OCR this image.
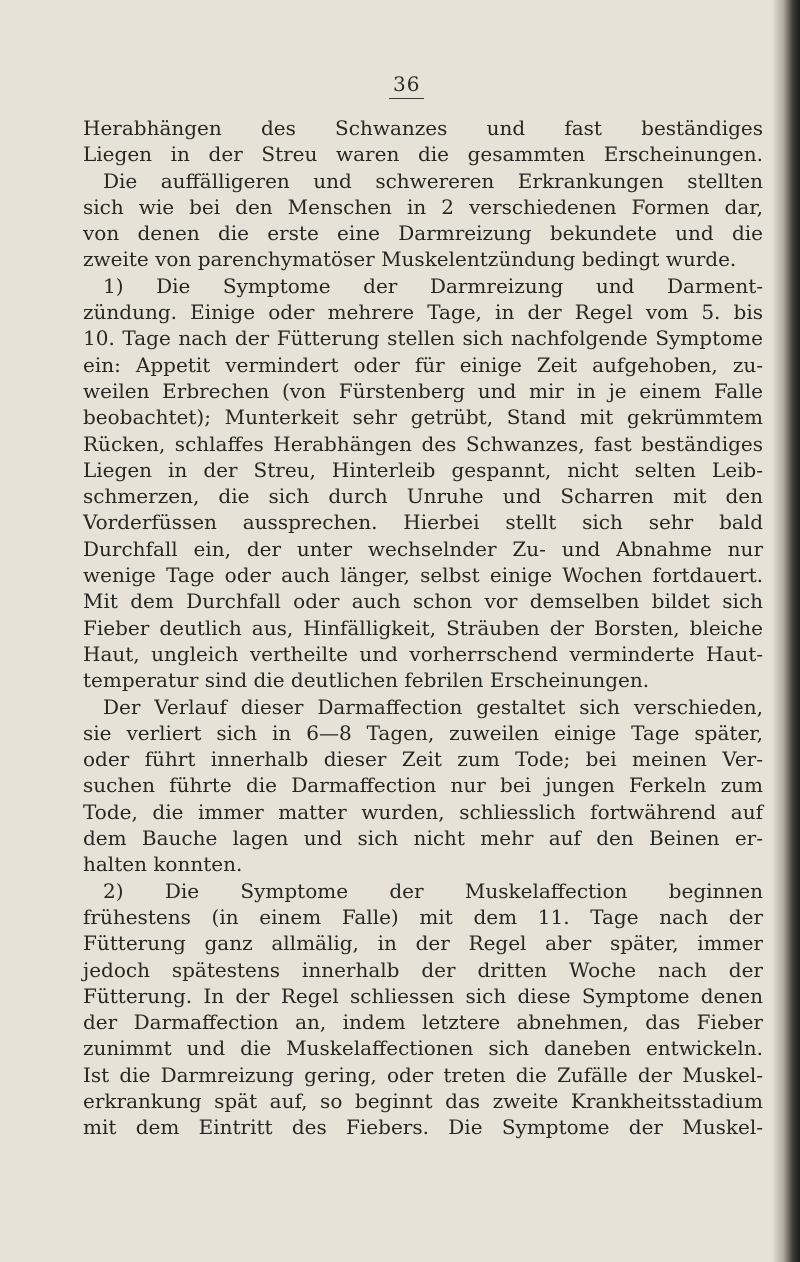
36
Herabhängen des Schwanzes und fast beständiges
Liegen in der Streu waren die gesammten Erscheinungen.
Die auffälligeren und schwereren Erkrankungen stellten
sich wie bei den Menschen in 2 verschiedenen Formen dar,
von denen die erste eine Darmreizung bekundete und die
zweite von parenchymatöser Muskelentzündung bedingt wurde.
1) Die Symptome der Darmreizung und Darment-
zündung. Einige oder mehrere Tage, in der Regel vom 5. bis
10. Tage nach der Fütterung stellen sich nachfolgende Symptome
ein: Appetit vermindert oder für einige Zeit aufgehoben, zu-
weilen Erbrechen (von Fürstenberg und mir in je einem Falle
beobachtet); Munterkeit sehr getrübt, Stand mit gekrümmtem
Rücken, schlaffes Herabhängen des Schwanzes, fast beständiges
Liegen in der Streu, Hinterleib gespannt, nicht selten Leib-
schmerzen, die sich durch Unruhe und Scharren mit den
Vorderfüssen aussprechen. Hierbei stellt sich sehr bald
Durchfall ein, der unter wechselnder Zu- und Abnahme nur
wenige Tage oder auch länger, selbst einige Wochen fortdauert.
Mit dem Durchfall oder auch schon vor demselben bildet sich
Fieber deutlich aus, Hinfälligkeit, Sträuben der Borsten, bleiche
Haut, ungleich vertheilte und vorherrschend verminderte Haut-
temperatur sind die deutlichen febrilen Erscheinungen.
Der Verlauf dieser Darmaffection gestaltet sich verschieden,
sie verliert sich in 6—8 Tagen, zuweilen einige Tage später,
oder führt innerhalb dieser Zeit zum Tode; bei meinen Ver-
suchen führte die Darmaffection nur bei jungen Ferkeln zum
Tode, die immer matter wurden, schliesslich fortwährend auf
dem Bauche lagen und sich nicht mehr auf den Beinen er-
halten konnten.
2) Die Symptome der Muskelaffection beginnen
frühestens (in einem Falle) mit dem 11. Tage nach der
Fütterung ganz allmälig, in der Regel aber später, immer
jedoch spätestens innerhalb der dritten Woche nach der
Fütterung. In der Regel schliessen sich diese Symptome denen
der Darmaffection an, indem letztere abnehmen, das Fieber
zunimmt und die Muskelaffectionen sich daneben entwickeln.
Ist die Darmreizung gering, oder treten die Zufälle der Muskel-
erkrankung spät auf, so beginnt das zweite Krankheitsstadium
mit dem Eintritt des Fiebers. Die Symptome der Muskel-
